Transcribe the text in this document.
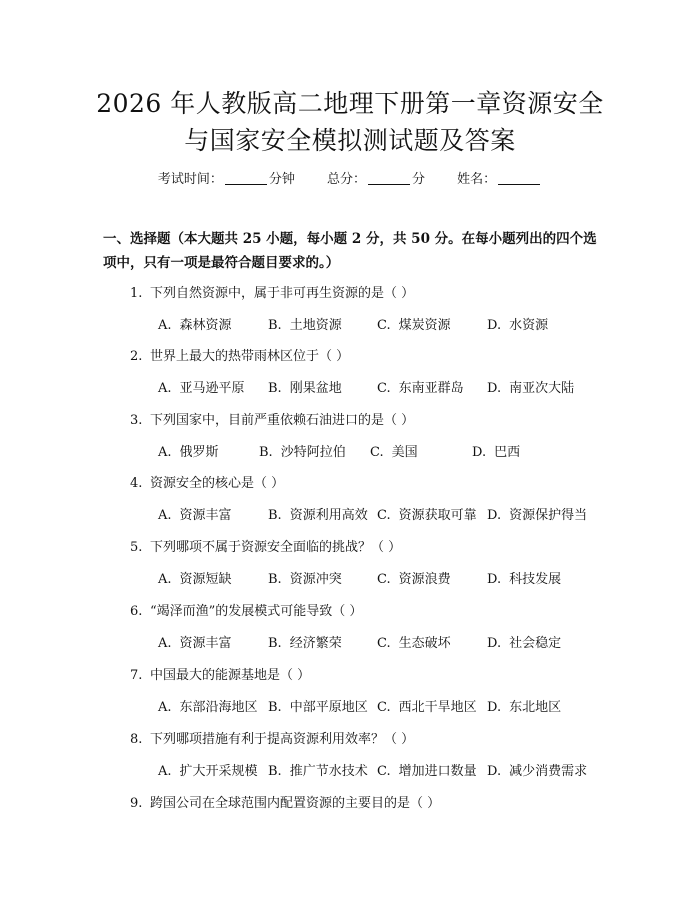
2026 年人教版高二地理下册第一章资源安全
与国家安全模拟测试题及答案
考试时间：	分钟 总分：	分 姓名：
一、选择题（本大题共 25 小题，每小题 2 分，共 50 分。在每小题列出的四个选
项中，只有一项是最符合题目要求的。）
1. 下列自然资源中，属于非可再生资源的是（ ）
A. 森林资源	B. 土地资源	C. 煤炭资源	D. 水资源
2. 世界上最大的热带雨林区位于（ ）
A. 亚马逊平原 B. 刚果盆地	C. 东南亚群岛 D. 南亚次大陆
3. 下列国家中，目前严重依赖石油进口的是（ ）
A. 俄罗斯	B. 沙特阿拉伯 C. 美国	D. 巴西
4. 资源安全的核心是（ ）
A. 资源丰富	B. 资源利用高效 C. 资源获取可靠 D. 资源保护得当
5. 下列哪项不属于资源安全面临的挑战？（ ）
A. 资源短缺	B. 资源冲突	C. 资源浪费	D. 科技发展
6. “竭泽而渔”的发展模式可能导致（ ）
A. 资源丰富	B. 经济繁荣	C. 生态破坏	D. 社会稳定
7. 中国最大的能源基地是（ ）
A. 东部沿海地区 B. 中部平原地区 C. 西北干旱地区 D. 东北地区
8. 下列哪项措施有利于提高资源利用效率？（ ）
A. 扩大开采规模 B. 推广节水技术 C. 增加进口数量 D. 减少消费需求
9. 跨国公司在全球范围内配置资源的主要目的是（ ）
